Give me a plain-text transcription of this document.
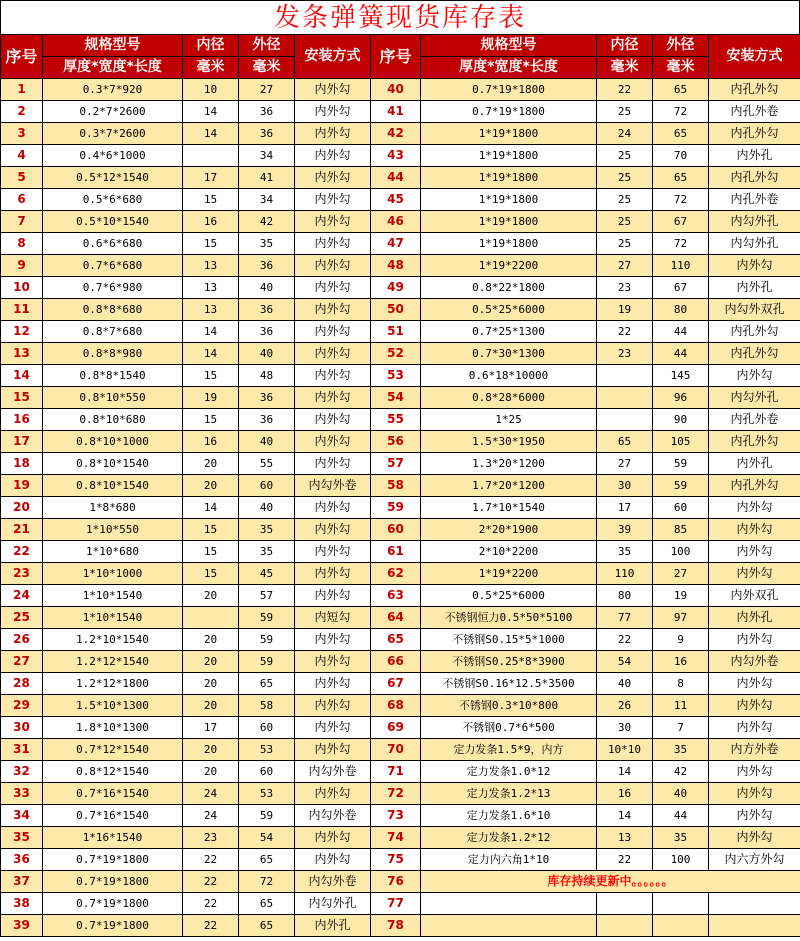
发条弹簧现货库存表
序号	规格型号	内径	外径	安装方式	序号	规格型号	内径	外径	安装方式
	厚度*宽度*长度	毫米	毫米			厚度*宽度*长度	毫米	毫米	
1	0.3*7*920	10	27	内外勾	40	0.7*19*1800	22	65	内孔外勾
2	0.2*7*2600	14	36	内外勾	41	0.7*19*1800	25	72	内孔外卷
3	0.3*7*2600	14	36	内外勾	42	1*19*1800	24	65	内孔外勾
4	0.4*6*1000		34	内外勾	43	1*19*1800	25	70	内外孔
5	0.5*12*1540	17	41	内外勾	44	1*19*1800	25	65	内孔外勾
6	0.5*6*680	15	34	内外勾	45	1*19*1800	25	72	内孔外卷
7	0.5*10*1540	16	42	内外勾	46	1*19*1800	25	67	内勾外孔
8	0.6*6*680	15	35	内外勾	47	1*19*1800	25	72	内勾外孔
9	0.7*6*680	13	36	内外勾	48	1*19*2200	27	110	内外勾
10	0.7*6*980	13	40	内外勾	49	0.8*22*1800	23	67	内外孔
11	0.8*8*680	13	36	内外勾	50	0.5*25*6000	19	80	内勾外双孔
12	0.8*7*680	14	36	内外勾	51	0.7*25*1300	22	44	内孔外勾
13	0.8*8*980	14	40	内外勾	52	0.7*30*1300	23	44	内孔外勾
14	0.8*8*1540	15	48	内外勾	53	0.6*18*10000		145	内外勾
15	0.8*10*550	19	36	内外勾	54	0.8*28*6000		96	内勾外孔
16	0.8*10*680	15	36	内外勾	55	1*25		90	内孔外卷
17	0.8*10*1000	16	40	内外勾	56	1.5*30*1950	65	105	内孔外勾
18	0.8*10*1540	20	55	内外勾	57	1.3*20*1200	27	59	内外孔
19	0.8*10*1540	20	60	内勾外卷	58	1.7*20*1200	30	59	内孔外勾
20	1*8*680	14	40	内外勾	59	1.7*10*1540	17	60	内外勾
21	1*10*550	15	35	内外勾	60	2*20*1900	39	85	内外勾
22	1*10*680	15	35	内外勾	61	2*10*2200	35	100	内外勾
23	1*10*1000	15	45	内外勾	62	1*19*2200	110	27	内外勾
24	1*10*1540	20	57	内外勾	63	0.5*25*6000	80	19	内外双孔
25	1*10*1540		59	内短勾	64	不锈钢恒力0.5*50*5100	77	97	内外孔
26	1.2*10*1540	20	59	内外勾	65	不锈钢S0.15*5*1000	22	9	内外勾
27	1.2*12*1540	20	59	内外勾	66	不锈钢S0.25*8*3900	54	16	内勾外卷
28	1.2*12*1800	20	65	内外勾	67	不锈钢S0.16*12.5*3500	40	8	内外勾
29	1.5*10*1300	20	58	内外勾	68	不锈钢0.3*10*800	26	11	内外勾
30	1.8*10*1300	17	60	内外勾	69	不锈钢0.7*6*500	30	7	内外勾
31	0.7*12*1540	20	53	内外勾	70	定力发条1.5*9，内方	10*10	35	内方外卷
32	0.8*12*1540	20	60	内勾外卷	71	定力发条1.0*12	14	42	内外勾
33	0.7*16*1540	24	53	内外勾	72	定力发条1.2*13	16	40	内外勾
34	0.7*16*1540	24	59	内勾外卷	73	定力发条1.6*10	14	44	内外勾
35	1*16*1540	23	54	内外勾	74	定力发条1.2*12	13	35	内外勾
36	0.7*19*1800	22	65	内外勾	75	定力内六角1*10	22	100	内六方外勾
37	0.7*19*1800	22	72	内勾外卷	76	库存持续更新中。。。。。。			
38	0.7*19*1800	22	65	内勾外孔	77				
39	0.7*19*1800	22	65	内外孔	78				
